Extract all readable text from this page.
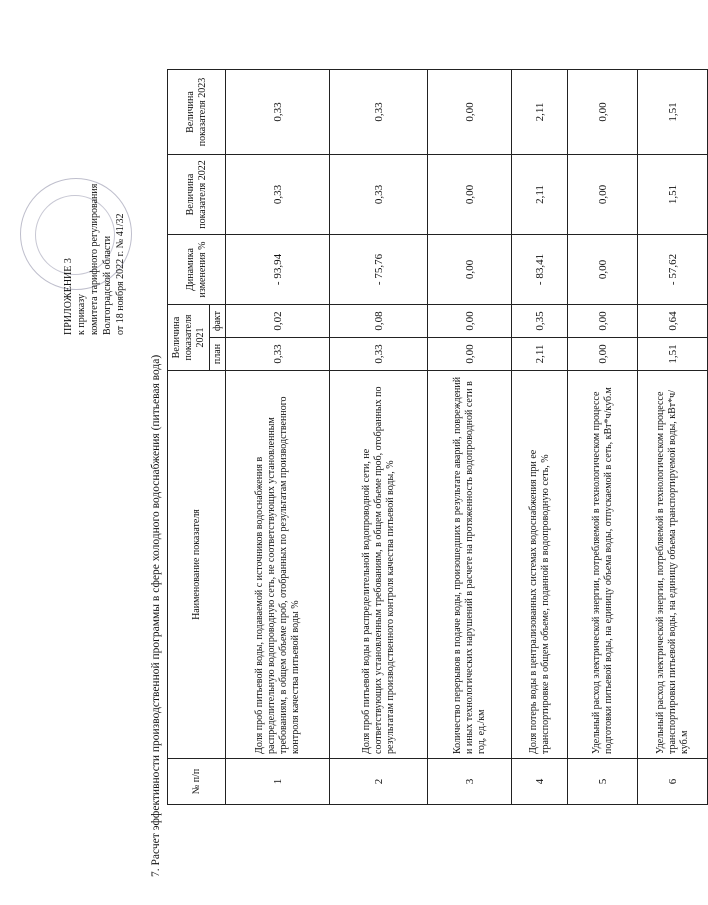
ПРИЛОЖЕНИЕ 3 к приказу комитета тарифного регулирования Волгоградской области от 18 ноября 2022 г. № 41/32
7. Расчет эффективности производственной программы в сфере холодного водоснабжения (питьевая вода)	№ п/п	Наименование показателя	Величина показателя 2021		Динамика изменения %	Величина показателя 2022	Величина показателя 2023
		план	факт			
1	Доля проб питьевой воды, подаваемой с источников водоснабжения в распределительную водопроводную сеть, не соответствующих установленным требованиям, в общем объеме проб, отобранных по результатам производственного контроля качества питьевой воды %	0,33	0,02	- 93,94	0,33	0,33
2	Доля проб питьевой воды в распределительной водопроводной сети, не соответствующих установленным требованиям, в общем объеме проб, отобранных по результатам производственного контроля качества питьевой воды, %	0,33	0,08	- 75,76	0,33	0,33
3	Количество перерывов в подаче воды, произошедших в результате аварий, повреждений и иных технологических нарушений в расчете на протяженность водопроводной сети в год, ед./км	0,00	0,00	0,00	0,00	0,00
4	Доля потерь воды в централизованных системах водоснабжения при ее транспортировке в общем объеме, поданной в водопроводную сеть, %	2,11	0,35	- 83,41	2,11	2,11
5	Удельный расход электрической энергии, потребляемой в технологическом процессе подготовки питьевой воды, на единицу объема воды, отпускаемой в сеть, кВт*ч/куб.м	0,00	0,00	0,00	0,00	0,00
6	Удельный расход электрической энергии, потребляемой в технологическом процессе транспортировки питьевой воды, на единицу объема транспортируемой воды, кВт*ч/куб.м	1,51	0,64	- 57,62	1,51	1,51
